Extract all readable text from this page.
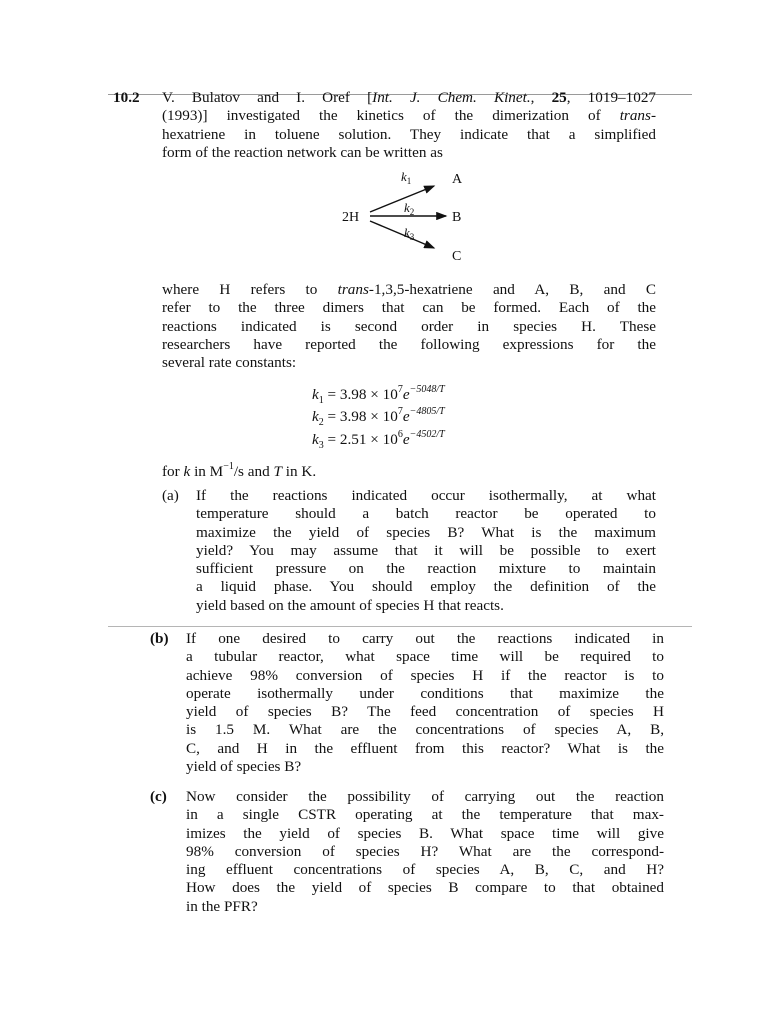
10.2 V. Bulatov and I. Oref [Int. J. Chem. Kinet., 25, 1019–1027
(1993)] investigated the kinetics of the dimerization of trans-
hexatriene in toluene solution. They indicate that a simplified
form of the reaction network can be written as
2H
A
B
C
$k_1$
$k_2$
$k_3$
where H refers to trans-1,3,5-hexatriene and A, B, and C
refer to the three dimers that can be formed. Each of the
reactions indicated is second order in species H. These
researchers have reported the following expressions for the
several rate constants:
$k_1 = 3.98 \times 10^7e^{-5048/T}$
$k_2 = 3.98 \times 10^7e^{-4805/T}$
$k_3 = 2.51 \times 10^6e^{-4502/T}$
for k in $M^{-1}/s$ and T in K.
(a) If the reactions indicated occur isothermally, at what
temperature should a batch reactor be operated to
maximize the yield of species B? What is the maximum
yield? You may assume that it will be possible to exert
sufficient pressure on the reaction mixture to maintain
a liquid phase. You should employ the definition of the
yield based on the amount of species H that reacts.
(b) If one desired to carry out the reactions indicated in
a tubular reactor, what space time will be required to
achieve 98% conversion of species H if the reactor is to
operate isothermally under conditions that maximize the
yield of species B? The feed concentration of species H
is 1.5 M. What are the concentrations of species A, B,
C, and H in the effluent from this reactor? What is the
yield of species B?
(c) Now consider the possibility of carrying out the reaction
in a single CSTR operating at the temperature that max-
imizes the yield of species B. What space time will give
98% conversion of species H? What are the correspond-
ing effluent concentrations of species A, B, C, and H?
How does the yield of species B compare to that obtained
in the PFR?
